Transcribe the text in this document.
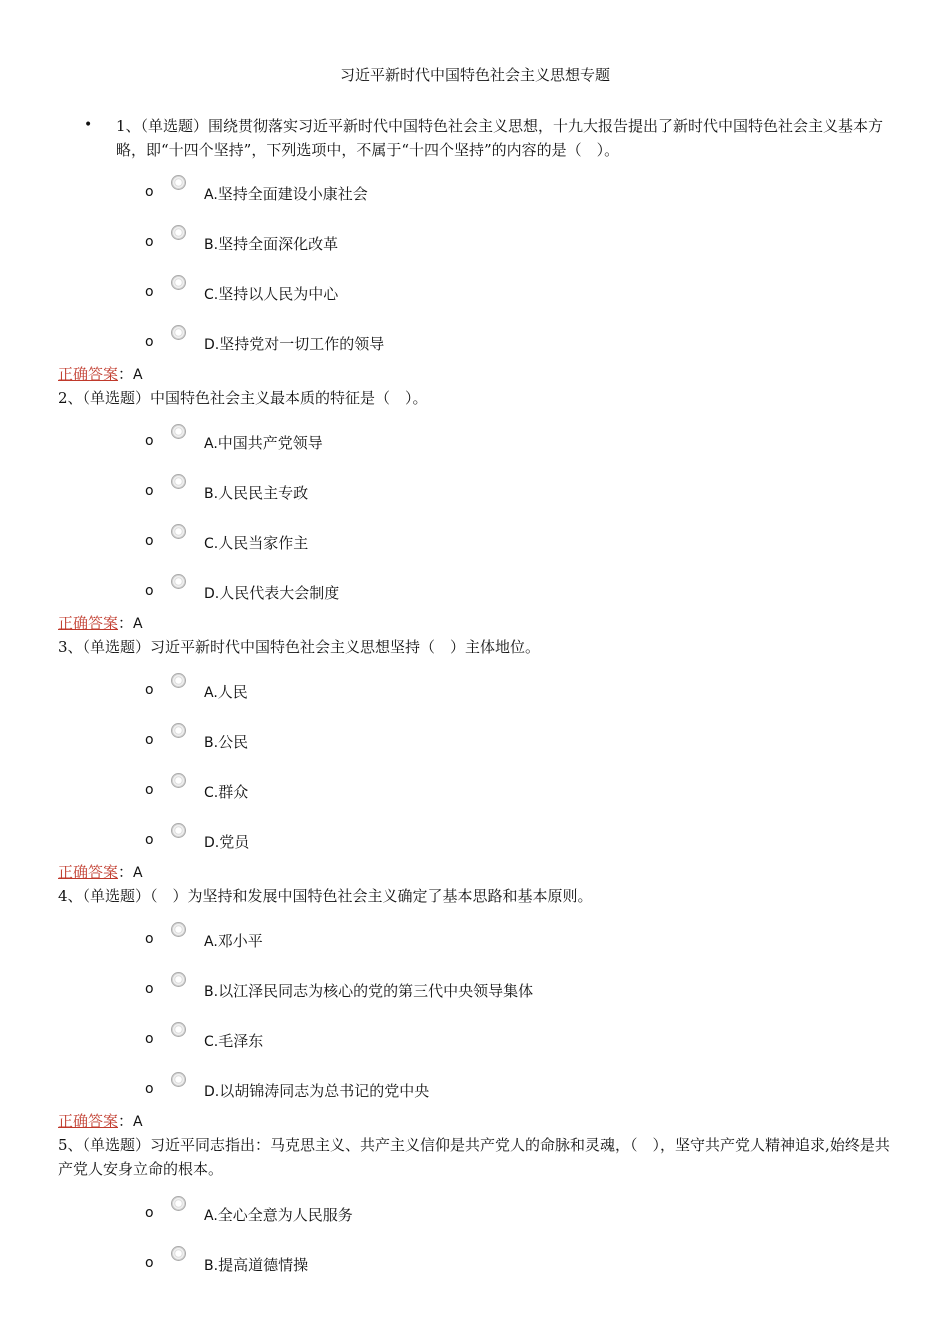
习近平新时代中国特色社会主义思想专题
• 1、（单选题）围绕贯彻落实习近平新时代中国特色社会主义思想，十九大报告提出了新时代中国特色社会主义基本方略，即“十四个坚持”，下列选项中，不属于“十四个坚持”的内容的是（　）。
o	A.坚持全面建设小康社会
o	B.坚持全面深化改革
o	C.坚持以人民为中心
o	D.坚持党对一切工作的领导
正确答案：A
2、（单选题）中国特色社会主义最本质的特征是（　）。
o	A.中国共产党领导
o	B.人民民主专政
o	C.人民当家作主
o	D.人民代表大会制度
正确答案：A
3、（单选题）习近平新时代中国特色社会主义思想坚持（　）主体地位。
o	A.人民
o	B.公民
o	C.群众
o	D.党员
正确答案：A
4、（单选题）（　）为坚持和发展中国特色社会主义确定了基本思路和基本原则。
o	A.邓小平
o	B.以江泽民同志为核心的党的第三代中央领导集体
o	C.毛泽东
o	D.以胡锦涛同志为总书记的党中央
正确答案：A
5、（单选题）习近平同志指出：马克思主义、共产主义信仰是共产党人的命脉和灵魂，（　），坚守共产党人精神追求,始终是共产党人安身立命的根本。
o	A.全心全意为人民服务
o	B.提高道德情操
